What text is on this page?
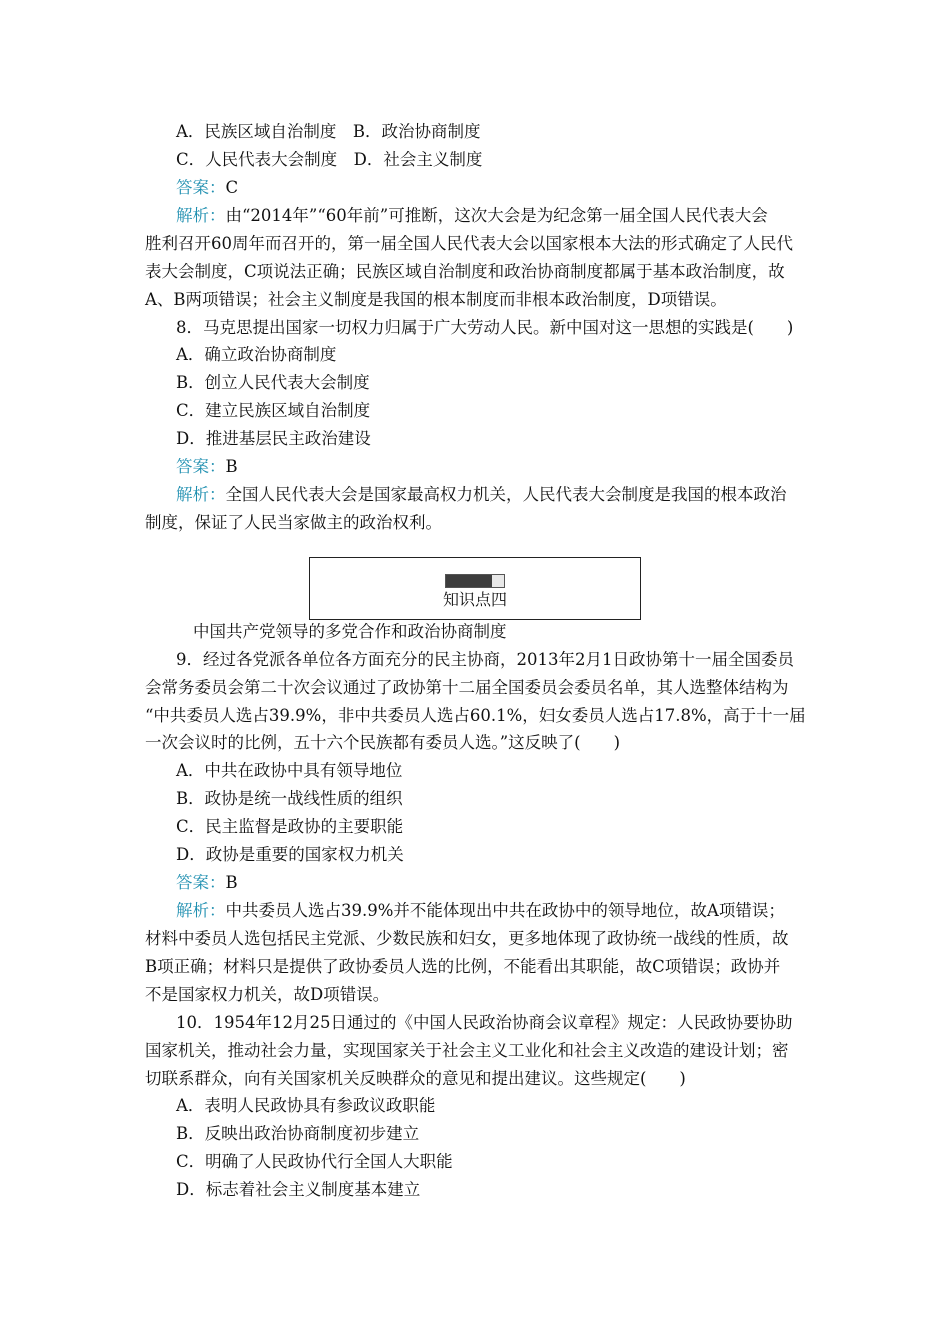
A．民族区域自治制度　 B．政治协商制度
C．人民代表大会制度　 D．社会主义制度
答案：C
解析：由“2014年”“60年前”可推断，这次大会是为纪念第一届全国人民代表大会
胜利召开60周年而召开的，第一届全国人民代表大会以国家根本大法的形式确定了人民代
表大会制度，C项说法正确；民族区域自治制度和政治协商制度都属于基本政治制度，故
A、B两项错误；社会主义制度是我国的根本制度而非根本政治制度，D项错误。
8．马克思提出国家一切权力归属于广大劳动人民。新中国对这一思想的实践是(　　)
A．确立政治协商制度
B．创立人民代表大会制度
C．建立民族区域自治制度
D．推进基层民主政治建设
答案：B
解析：全国人民代表大会是国家最高权力机关，人民代表大会制度是我国的根本政治
制度，保证了人民当家做主的政治权利。
知识点四
中国共产党领导的多党合作和政治协商制度
9．经过各党派各单位各方面充分的民主协商，2013年2月1日政协第十一届全国委员
会常务委员会第二十次会议通过了政协第十二届全国委员会委员名单，其人选整体结构为
“中共委员人选占39.9%，非中共委员人选占60.1%，妇女委员人选占17.8%，高于十一届
一次会议时的比例，五十六个民族都有委员人选。”这反映了(　　)
A．中共在政协中具有领导地位
B．政协是统一战线性质的组织
C．民主监督是政协的主要职能
D．政协是重要的国家权力机关
答案：B
解析：中共委员人选占39.9%并不能体现出中共在政协中的领导地位，故A项错误；
材料中委员人选包括民主党派、少数民族和妇女，更多地体现了政协统一战线的性质，故
B项正确；材料只是提供了政协委员人选的比例，不能看出其职能，故C项错误；政协并
不是国家权力机关，故D项错误。
10．1954年12月25日通过的《中国人民政治协商会议章程》规定：人民政协要协助
国家机关，推动社会力量，实现国家关于社会主义工业化和社会主义改造的建设计划；密
切联系群众，向有关国家机关反映群众的意见和提出建议。这些规定(　　)
A．表明人民政协具有参政议政职能
B．反映出政治协商制度初步建立
C．明确了人民政协代行全国人大职能
D．标志着社会主义制度基本建立
